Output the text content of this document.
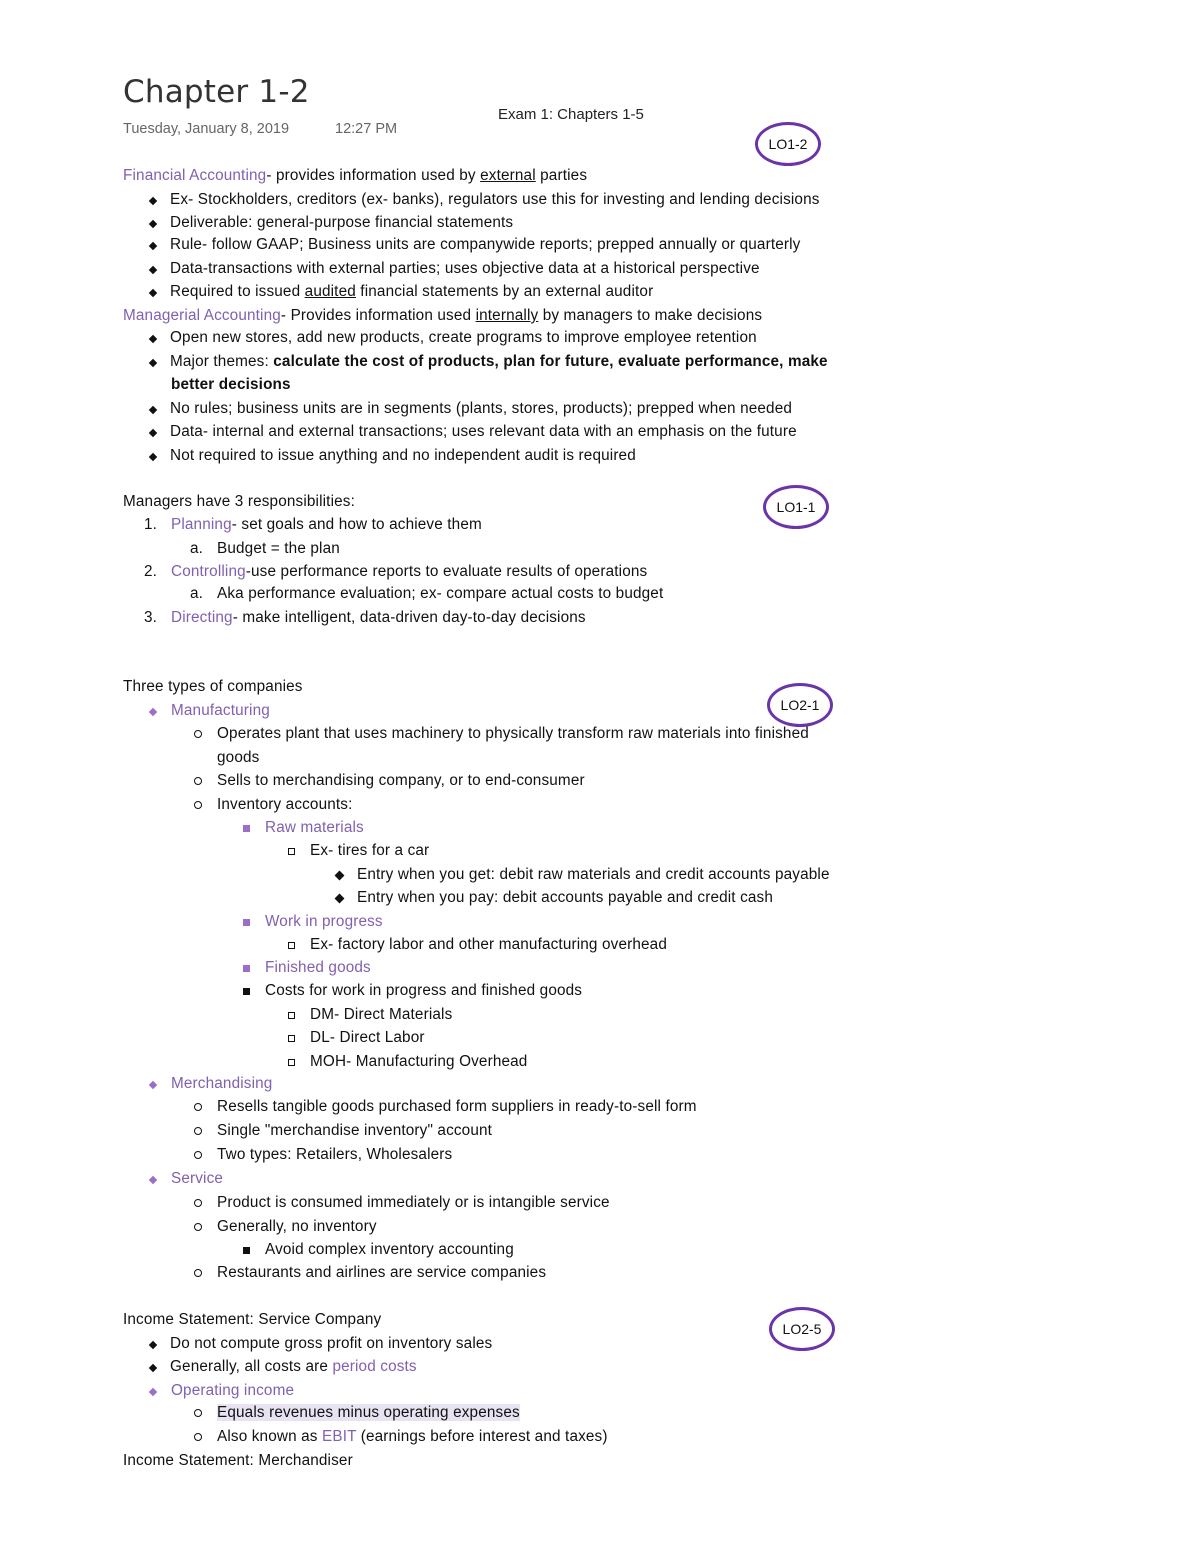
Chapter 1-2
Tuesday, January 8, 2019	12:27 PM
Exam 1: Chapters 1-5
LO1-2
LO1-1
LO2-1
LO2-5
Financial Accounting- provides information used by external parties
Ex- Stockholders, creditors (ex- banks), regulators use this for investing and lending decisions
Deliverable: general-purpose financial statements
Rule- follow GAAP; Business units are companywide reports; prepped annually or quarterly
Data-transactions with external parties; uses objective data at a historical perspective
Required to issued audited financial statements by an external auditor
Managerial Accounting- Provides information used internally by managers to make decisions
Open new stores, add new products, create programs to improve employee retention
Major themes: calculate the cost of products, plan for future, evaluate performance, make
better decisions
No rules; business units are in segments (plants, stores, products); prepped when needed
Data- internal and external transactions; uses relevant data with an emphasis on the future
Not required to issue anything and no independent audit is required
Managers have 3 responsibilities:
1. Planning- set goals and how to achieve them
a. Budget = the plan
2. Controlling-use performance reports to evaluate results of operations
a. Aka performance evaluation; ex- compare actual costs to budget
3. Directing- make intelligent, data-driven day-to-day decisions
Three types of companies
Manufacturing
Operates plant that uses machinery to physically transform raw materials into finished
goods
Sells to merchandising company, or to end-consumer
Inventory accounts:
Raw materials
Ex- tires for a car
Entry when you get: debit raw materials and credit accounts payable
Entry when you pay: debit accounts payable and credit cash
Work in progress
Ex- factory labor and other manufacturing overhead
Finished goods
Costs for work in progress and finished goods
DM- Direct Materials
DL- Direct Labor
MOH- Manufacturing Overhead
Merchandising
Resells tangible goods purchased form suppliers in ready-to-sell form
Single "merchandise inventory" account
Two types: Retailers, Wholesalers
Service
Product is consumed immediately or is intangible service
Generally, no inventory
Avoid complex inventory accounting
Restaurants and airlines are service companies
Income Statement: Service Company
Do not compute gross profit on inventory sales
Generally, all costs are period costs
Operating income
Equals revenues minus operating expenses
Also known as EBIT (earnings before interest and taxes)
Income Statement: Merchandiser
